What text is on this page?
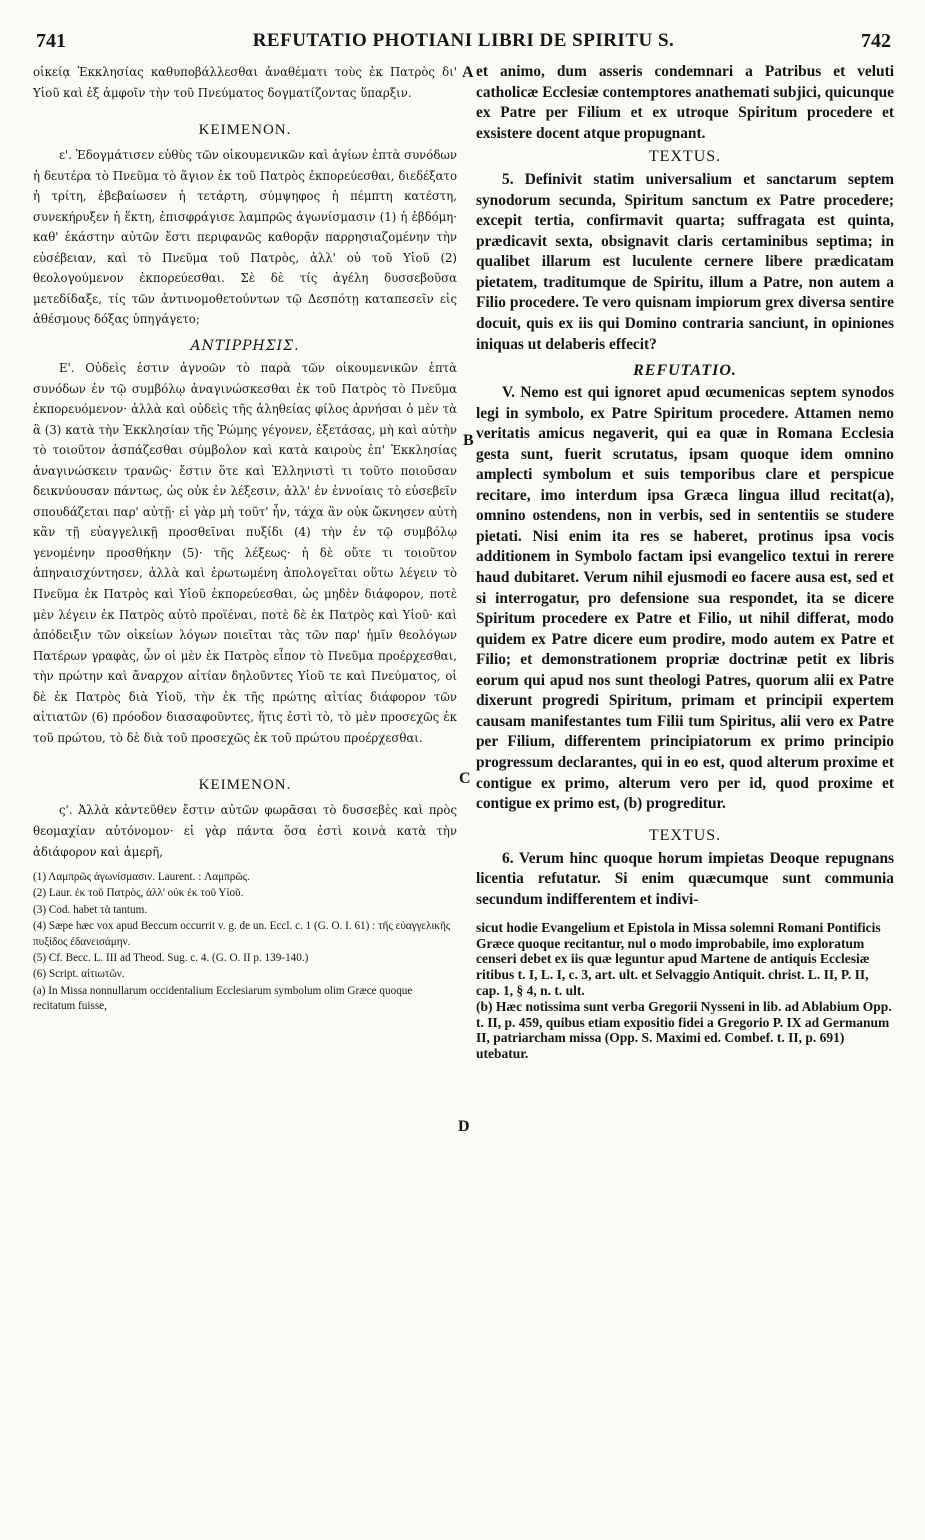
741	REFUTATIO PHOTIANI LIBRI DE SPIRITU S.	742

οἰκείᾳ Ἐκκλησίας καθυποβάλλεσθαι ἀναθέματι τοὺς ἐκ Πατρὸς δι' Υἱοῦ καὶ ἐξ ἀμφοῖν τὴν τοῦ Πνεύματος δογματίζοντας ὕπαρξιν.

ΚΕΙΜΕΝΟΝ.

ε'. Ἐδογμάτισεν εὐθὺς τῶν οἰκουμενικῶν καὶ ἁγίων ἑπτὰ συνόδων ἡ δευτέρα τὸ Πνεῦμα τὸ ἅγιον ἐκ τοῦ Πατρὸς ἐκπορεύεσθαι, διεδέξατο ἡ τρίτη, ἐβεβαίωσεν ἡ τετάρτη, σύμψηφος ἡ πέμπτη κατέστη, συνεκήρυξεν ἡ ἕκτη, ἐπισφράγισε λαμπρῶς ἀγωνίσμασιν (1) ἡ ἑβδόμη· καθ' ἑκάστην αὐτῶν ἔστι περιφανῶς καθορᾷν παρρησιαζομένην τὴν εὐσέβειαν, καὶ τὸ Πνεῦμα τοῦ Πατρὸς, ἀλλ' οὐ τοῦ Υἱοῦ (2) θεολογούμενον ἐκπορεύεσθαι. Σὲ δὲ τίς ἀγέλη δυσσεβοῦσα μετεδίδαξε, τίς τῶν ἀντινομοθετούντων τῷ Δεσπότῃ καταπεσεῖν εἰς ἀθέσμους δόξας ὑπηγάγετο;

ΑΝΤΙΡΡΗΣΙΣ.

Ε'. Οὐδεὶς ἐστιν ἀγνοῶν τὸ παρὰ τῶν οἰκουμενικῶν ἑπτὰ συνόδων ἐν τῷ συμβόλῳ ἀναγινώσκεσθαι ἐκ τοῦ Πατρὸς τὸ Πνεῦμα ἐκπορευόμενον· ἀλλὰ καὶ οὐδεὶς τῆς ἀληθείας φίλος ἀρνήσαι ὁ μὲν τὰ ἃ (3) κατὰ τὴν Ἐκκλησίαν τῆς Ῥώμης γέγονεν, ἐξετάσας, μὴ καὶ αὐτὴν τὸ τοιοῦτον ἀσπάζεσθαι σύμβολον καὶ κατὰ καιροὺς ἐπ' Ἐκκλησίας ἀναγινώσκειν τρανῶς· ἔστιν ὅτε καὶ Ἑλληνιστὶ τι τοῦτο ποιοῦσαν δεικνύουσαν πάντως, ὡς οὐκ ἐν λέξεσιν, ἀλλ' ἐν ἐννοίαις τὸ εὐσεβεῖν σπουδάζεται παρ' αὐτῇ· εἰ γὰρ μὴ τοῦτ' ἦν, τάχα ἂν οὐκ ὤκνησεν αὐτὴ κἂν τῇ εὐαγγελικῇ προσθεῖναι πυξίδι (4) τὴν ἐν τῷ συμβόλῳ γενομένην προσθήκην (5)· τῆς λέξεως· ἡ δὲ οὔτε τι τοιοῦτον ἀπηναισχύντησεν, ἀλλὰ καὶ ἐρωτωμένη ἀπολογεῖται οὕτω λέγειν τὸ Πνεῦμα ἐκ Πατρὸς καὶ Υἱοῦ ἐκπορεύεσθαι, ὡς μηδὲν διάφορον, ποτὲ μὲν λέγειν ἐκ Πατρὸς αὐτὸ προϊέναι, ποτὲ δὲ ἐκ Πατρὸς καὶ Υἱοῦ· καὶ ἀπόδειξιν τῶν οἰκείων λόγων ποιεῖται τὰς τῶν παρ' ἡμῖν θεολόγων Πατέρων γραφὰς, ὧν οἱ μὲν ἐκ Πατρὸς εἶπον τὸ Πνεῦμα προέρχεσθαι, τὴν πρώτην καὶ ἄναρχον αἰτίαν δηλοῦντες Υἱοῦ τε καὶ Πνεύματος, οἱ δὲ ἐκ Πατρὸς διὰ Υἱοῦ, τὴν ἐκ τῆς πρώτης αἰτίας διάφορον τῶν αἰτιατῶν (6) πρόοδον διασαφοῦντες, ἥτις ἐστὶ τὸ, τὸ μὲν προσεχῶς ἐκ τοῦ πρώτου, τὸ δὲ διὰ τοῦ προσεχῶς ἐκ τοῦ πρώτου προέρχεσθαι.

ΚΕΙΜΕΝΟΝ.

ς'. Ἀλλὰ κἀντεῦθεν ἔστιν αὐτῶν φωρᾶσαι τὸ δυσσεβὲς καὶ πρὸς θεομαχίαν αὐτόνομον· εἰ γὰρ πάντα ὅσα ἐστὶ κοινὰ κατὰ τὴν ἀδιάφορον καὶ ἀμερῆ,

(1) Λαμπρῶς ἀγωνίσμασιν. Laurent. : Λαμπρῶς.

(2) Laur. ἐκ τοῦ Πατρὸς, ἀλλ' οὐκ ἐκ τοῦ Υἱοῦ.

(3) Cod. habet τὰ tantum.

(4) Sæpe hæc vox apud Beccum occurrit v. g. de un. Eccl. c. 1 (G. O. I. 61) : τῆς εὐαγγελικῆς πυξίδος ἐδανεισάμην.

(5) Cf. Becc. L. III ad Theod. Sug. c. 4. (G. O. II p. 139-140.)

(6) Script. αἰτιωτῶν.

(a) In Missa nonnullarum occidentalium Ecclesiarum symbolum olim Græce quoque recitatum fuisse,

A
B
C
D

et animo, dum asseris condemnari a Patribus et veluti catholicæ Ecclesiæ contemptores anathemati subjici, quicunque ex Patre per Filium et ex utroque Spiritum procedere et exsistere docent atque propugnant.

TEXTUS.

5. Definivit statim universalium et sanctarum septem synodorum secunda, Spiritum sanctum ex Patre procedere; excepit tertia, confirmavit quarta; suffragata est quinta, prædicavit sexta, obsignavit claris certaminibus septima; in qualibet illarum est luculente cernere libere prædicatam pietatem, traditumque de Spiritu, illum a Patre, non autem a Filio procedere. Te vero quisnam impiorum grex diversa sentire docuit, quis ex iis qui Domino contraria sanciunt, in opiniones iniquas ut delaberis effecit?

REFUTATIO.

V. Nemo est qui ignoret apud œcumenicas septem synodos legi in symbolo, ex Patre Spiritum procedere. Attamen nemo veritatis amicus negaverit, qui ea quæ in Romana Ecclesia gesta sunt, fuerit scrutatus, ipsam quoque idem omnino amplecti symbolum et suis temporibus clare et perspicue recitare, imo interdum ipsa Græca lingua illud recitat(a), omnino ostendens, non in verbis, sed in sententiis se studere pietati. Nisi enim ita res se haberet, protinus ipsa vocis additionem in Symbolo factam ipsi evangelico textui in rerere haud dubitaret. Verum nihil ejusmodi eo facere ausa est, sed et si interrogatur, pro defensione sua respondet, ita se dicere Spiritum procedere ex Patre et Filio, ut nihil differat, modo quidem ex Patre dicere eum prodire, modo autem ex Patre et Filio; et demonstrationem propriæ doctrinæ petit ex libris eorum qui apud nos sunt theologi Patres, quorum alii ex Patre dixerunt progredi Spiritum, primam et principii expertem causam manifestantes tum Filii tum Spiritus, alii vero ex Patre per Filium, differentem principiatorum ex primo principio progressum declarantes, qui in eo est, quod alterum proxime et contigue ex primo, alterum vero per id, quod proxime et contigue ex primo est, (b) progreditur.

TEXTUS.

6. Verum hinc quoque horum impietas Deoque repugnans licentia refutatur. Si enim quæcumque sunt communia secundum indifferentem et indivi-

sicut hodie Evangelium et Epistola in Missa solemni Romani Pontificis Græce quoque recitantur, nul o modo improbabile, imo exploratum censeri debet ex iis quæ leguntur apud Martene de antiquis Ecclesiæ ritibus t. I, L. I, c. 3, art. ult. et Selvaggio Antiquit. christ. L. II, P. II, cap. 1, § 4, n. t. ult.

(b) Hæc notissima sunt verba Gregorii Nysseni in lib. ad Ablabium Opp. t. II, p. 459, quibus etiam expositio fidei a Gregorio P. IX ad Germanum II, patriarcham missa (Opp. S. Maximi ed. Combef. t. II, p. 691) utebatur.
